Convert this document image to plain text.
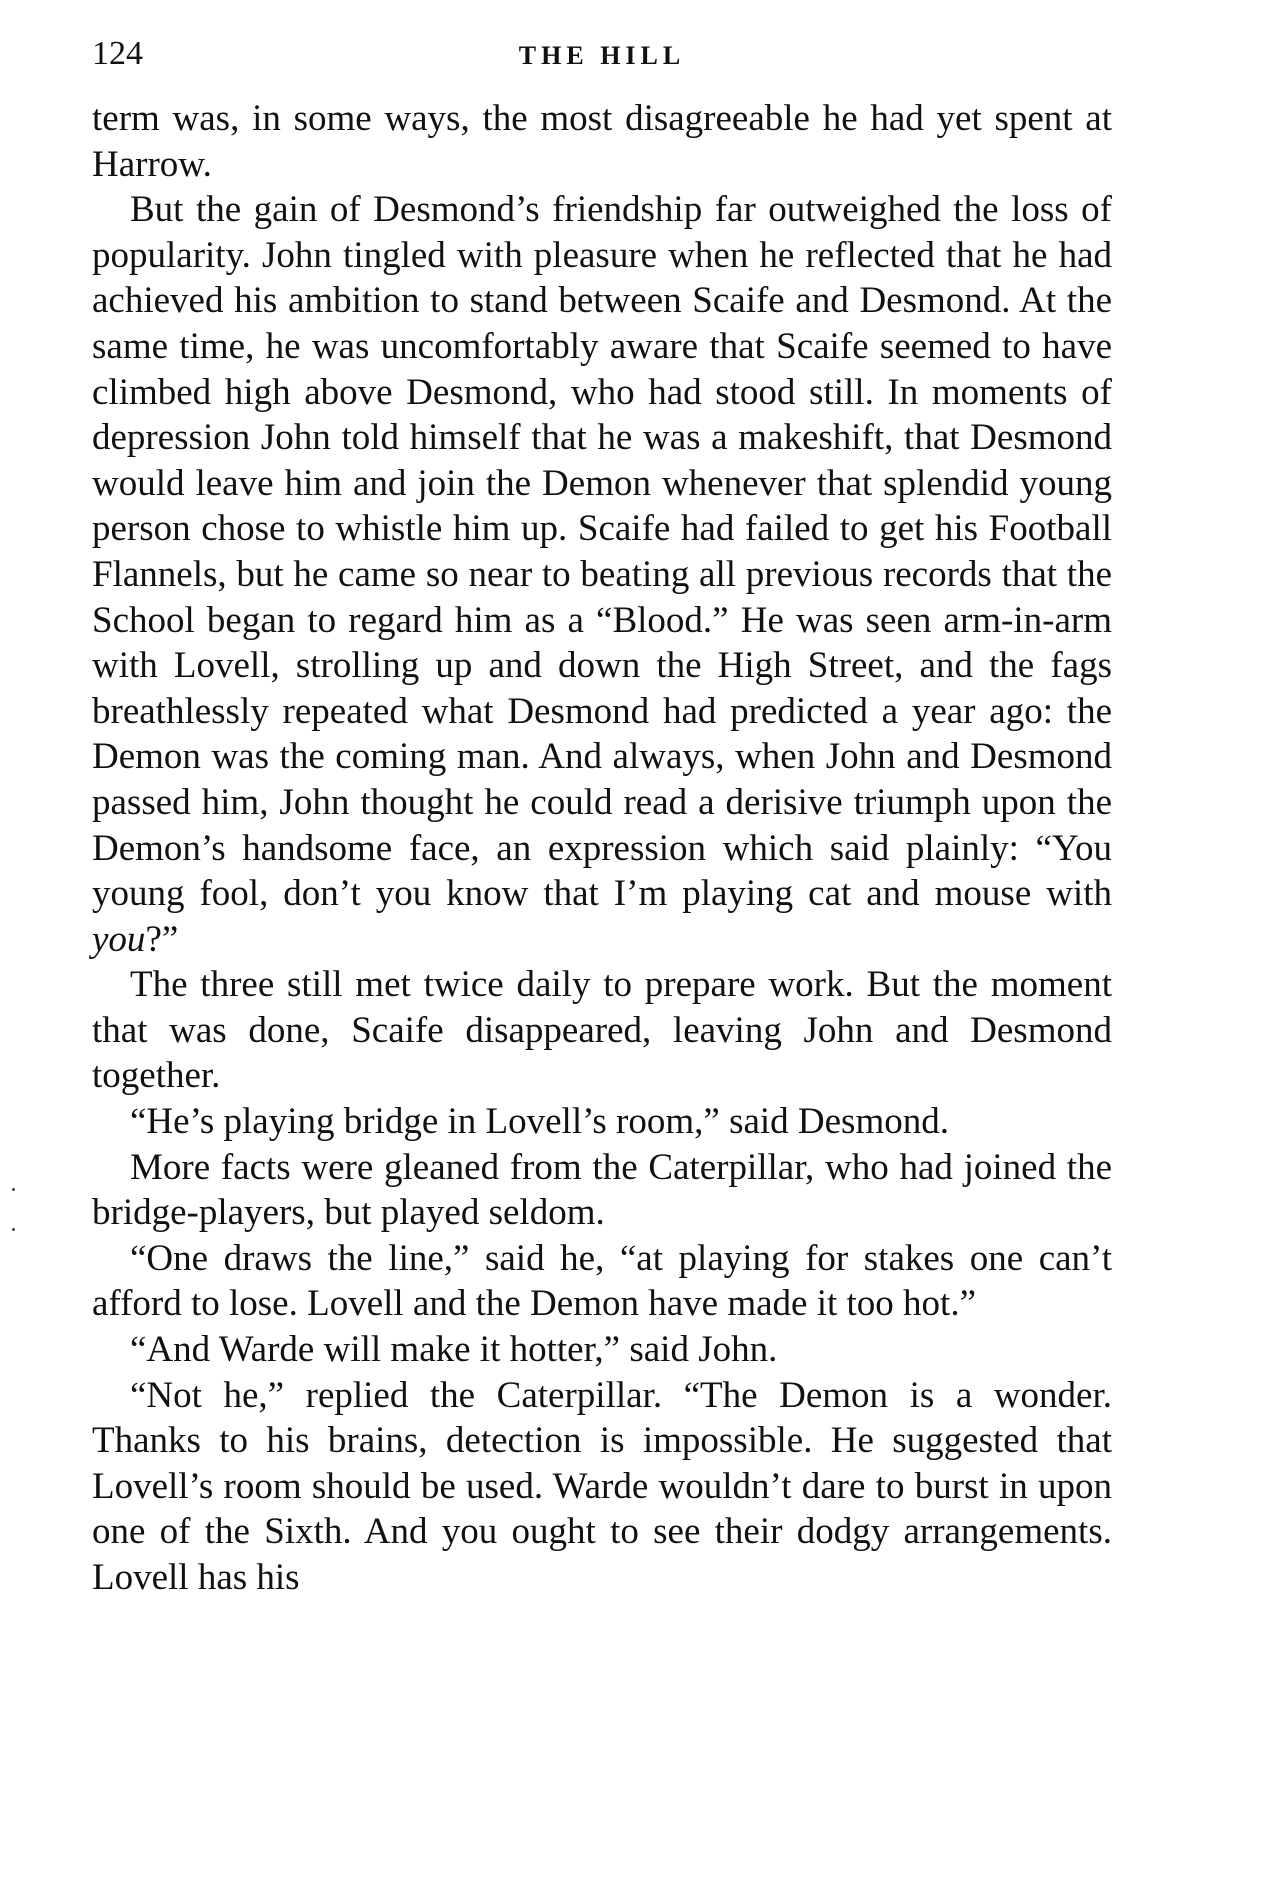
124	THE HILL

term was, in some ways, the most disagreeable he had yet spent at Harrow.

But the gain of Desmond’s friendship far outweighed the loss of popularity. John tingled with pleasure when he reflected that he had achieved his ambition to stand between Scaife and Desmond. At the same time, he was uncomfortably aware that Scaife seemed to have climbed high above Desmond, who had stood still. In moments of depression John told himself that he was a makeshift, that Desmond would leave him and join the Demon whenever that splendid young person chose to whistle him up. Scaife had failed to get his Football Flannels, but he came so near to beating all previous records that the School began to regard him as a “Blood.” He was seen arm-in-arm with Lovell, strolling up and down the High Street, and the fags breathlessly repeated what Desmond had predicted a year ago: the Demon was the coming man. And always, when John and Desmond passed him, John thought he could read a derisive triumph upon the Demon’s handsome face, an expression which said plainly: “You young fool, don’t you know that I’m playing cat and mouse with you?”

The three still met twice daily to prepare work. But the moment that was done, Scaife disappeared, leaving John and Desmond together.

“He’s playing bridge in Lovell’s room,” said Desmond.

More facts were gleaned from the Caterpillar, who had joined the bridge-players, but played seldom.

“One draws the line,” said he, “at playing for stakes one can’t afford to lose. Lovell and the Demon have made it too hot.”

“And Warde will make it hotter,” said John.

“Not he,” replied the Caterpillar. “The Demon is a wonder. Thanks to his brains, detection is impossible. He suggested that Lovell’s room should be used. Warde wouldn’t dare to burst in upon one of the Sixth. And you ought to see their dodgy arrangements. Lovell has his
